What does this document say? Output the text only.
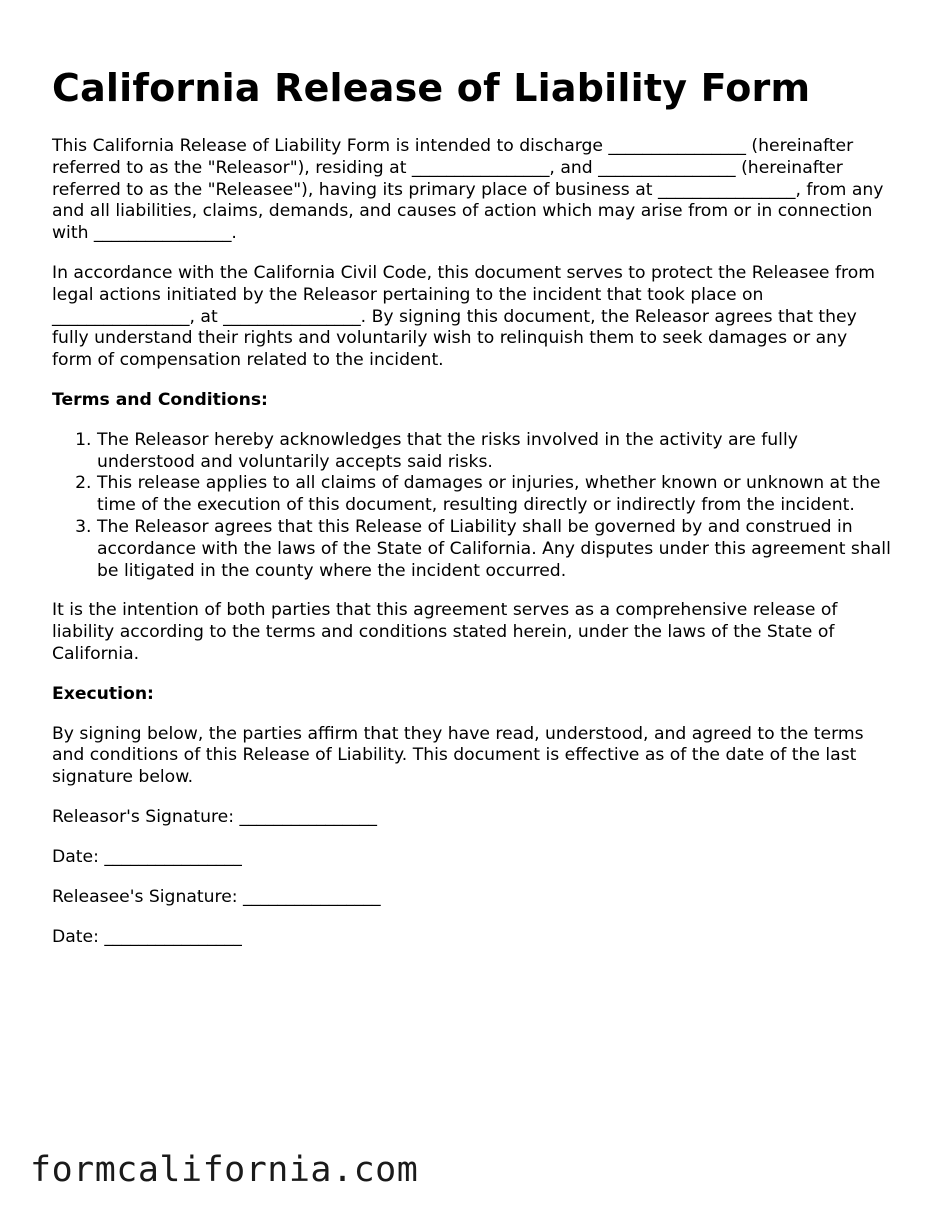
California Release of Liability Form

This California Release of Liability Form is intended to discharge ________________ (hereinafter referred to as the "Releasor"), residing at ________________, and ________________ (hereinafter referred to as the "Releasee"), having its primary place of business at ________________, from any and all liabilities, claims, demands, and causes of action which may arise from or in connection with ________________.

In accordance with the California Civil Code, this document serves to protect the Releasee from legal actions initiated by the Releasor pertaining to the incident that took place on ________________, at ________________. By signing this document, the Releasor agrees that they fully understand their rights and voluntarily wish to relinquish them to seek damages or any form of compensation related to the incident.

Terms and Conditions:
1. The Releasor hereby acknowledges that the risks involved in the activity are fully understood and voluntarily accepts said risks.
2. This release applies to all claims of damages or injuries, whether known or unknown at the time of the execution of this document, resulting directly or indirectly from the incident.
3. The Releasor agrees that this Release of Liability shall be governed by and construed in accordance with the laws of the State of California. Any disputes under this agreement shall be litigated in the county where the incident occurred.

It is the intention of both parties that this agreement serves as a comprehensive release of liability according to the terms and conditions stated herein, under the laws of the State of California.

Execution:

By signing below, the parties affirm that they have read, understood, and agreed to the terms and conditions of this Release of Liability. This document is effective as of the date of the last signature below.

Releasor's Signature: ________________
Date: ________________
Releasee's Signature: ________________
Date: ________________
formcalifornia.com
